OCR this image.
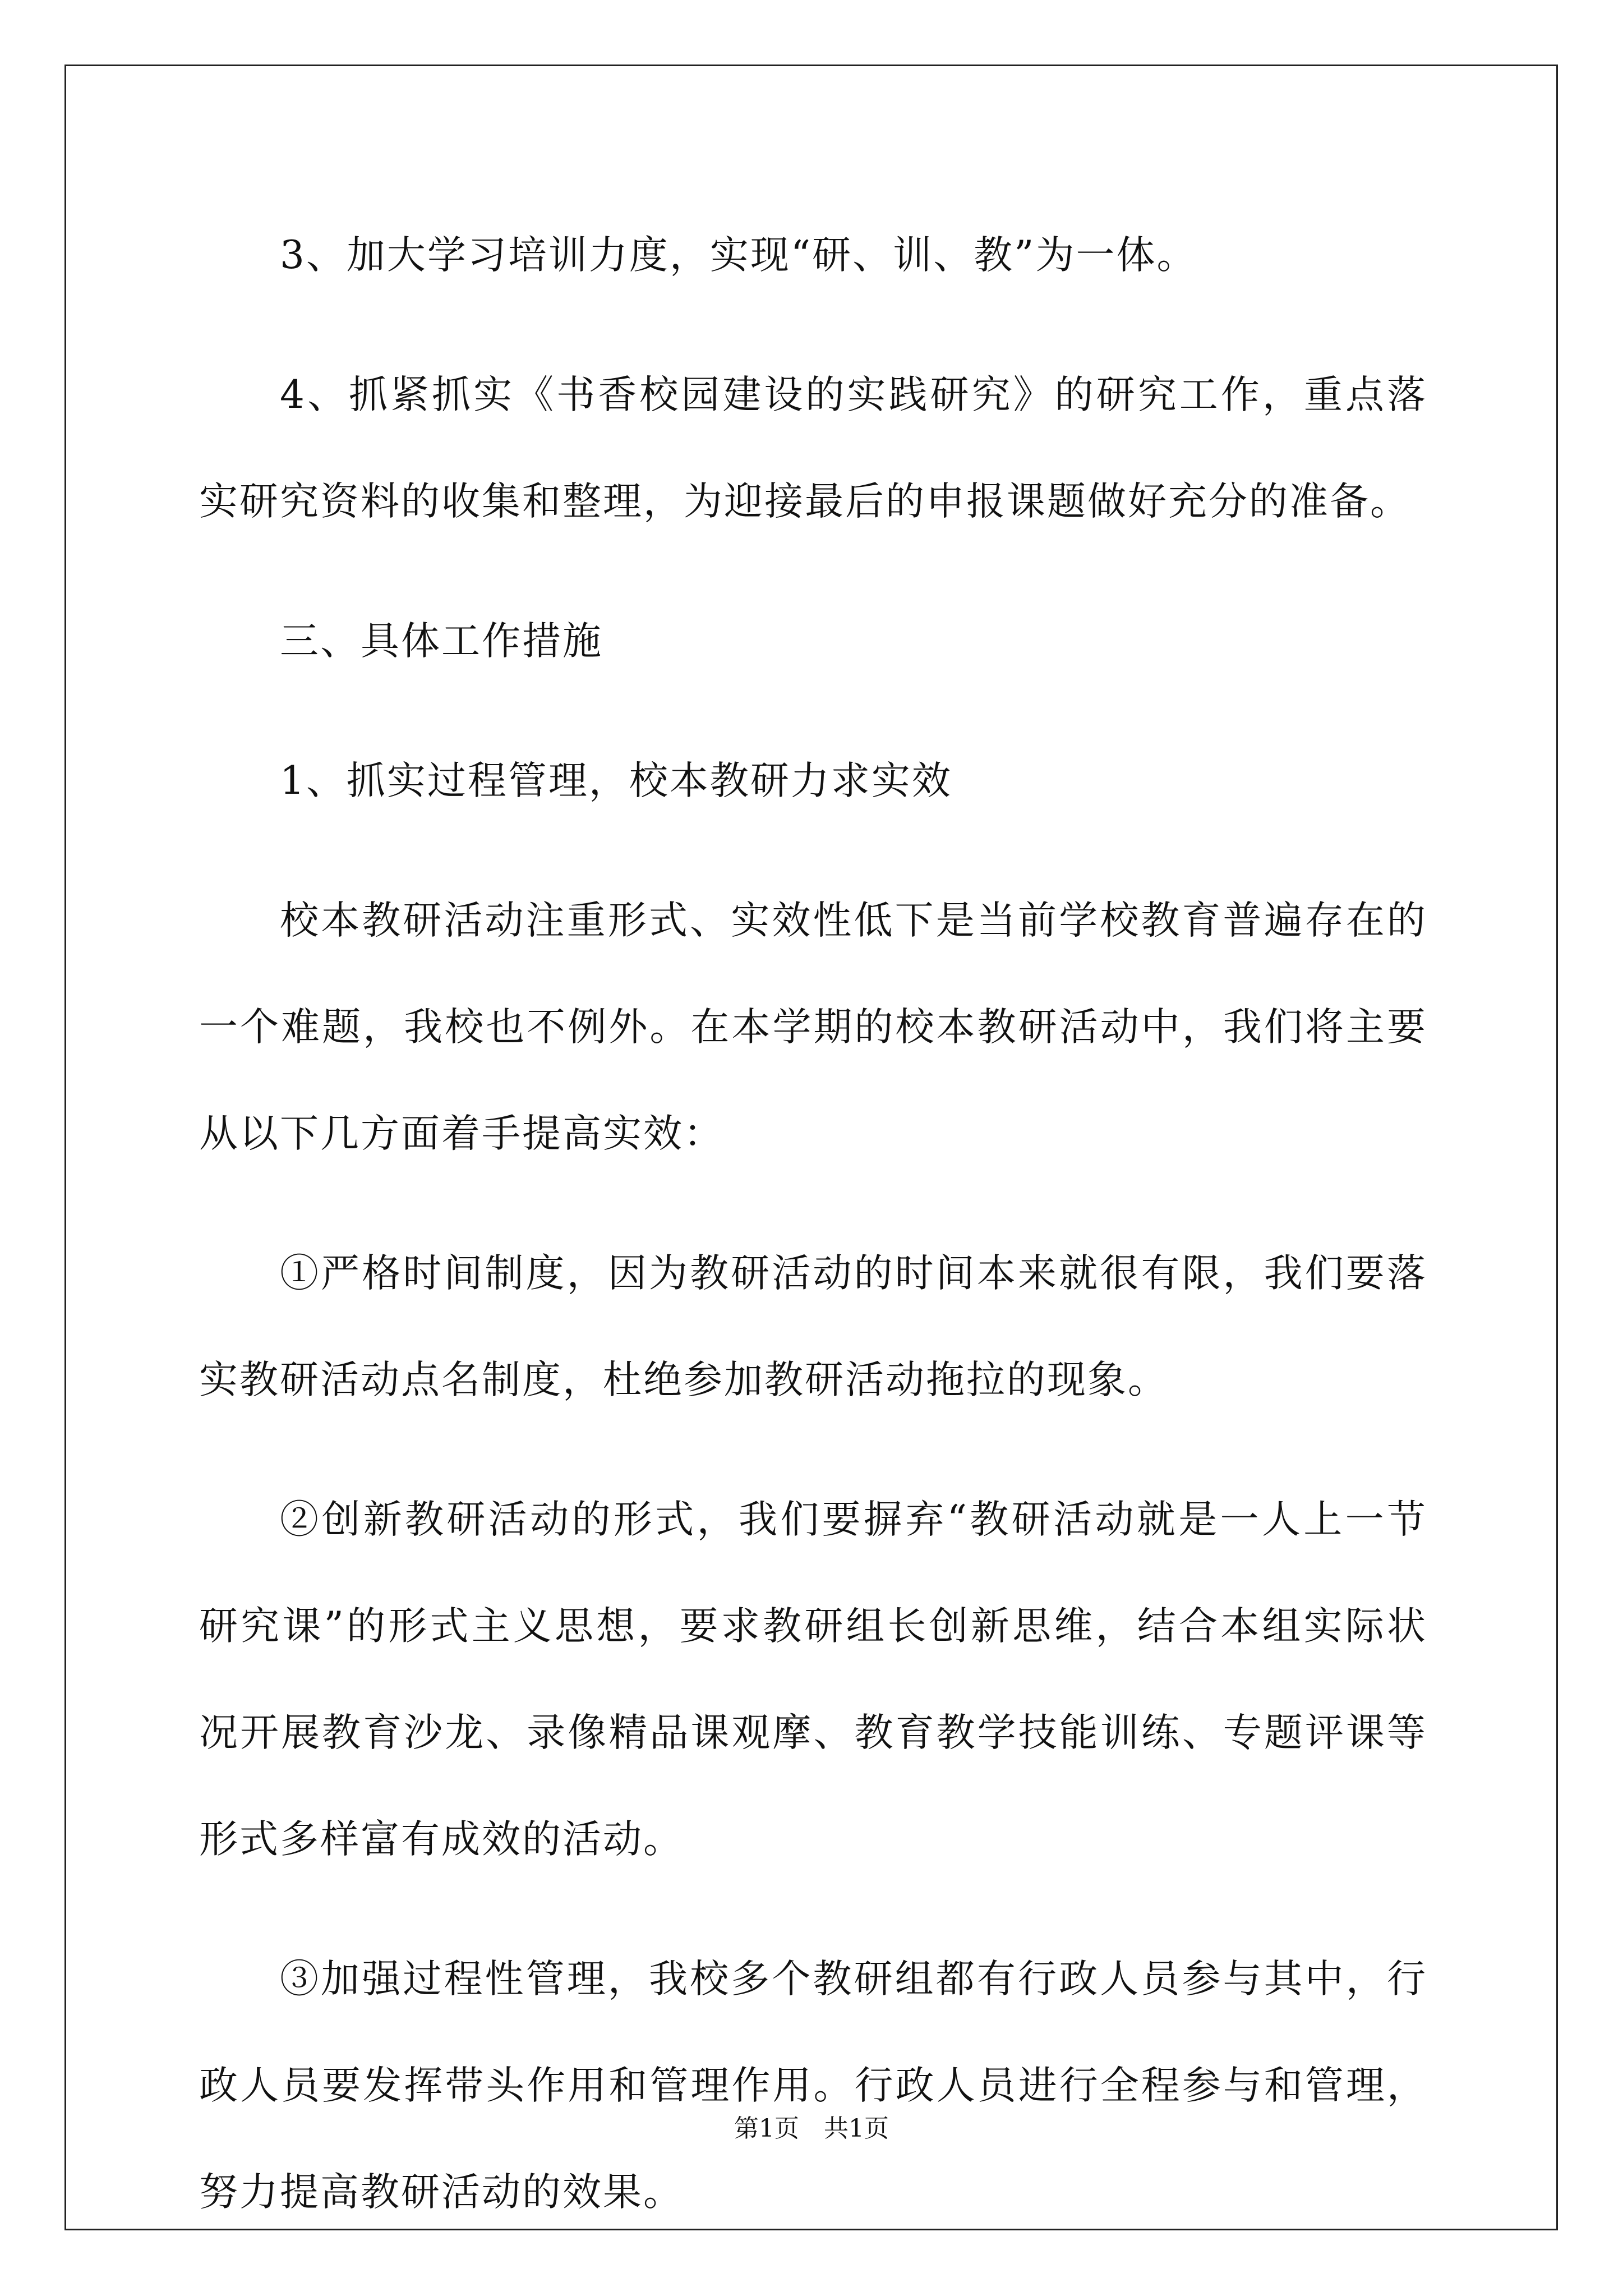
3、加大学习培训力度，实现“研、训、教”为一体。

4、抓紧抓实《书香校园建设的实践研究》的研究工作，重点落实研究资料的收集和整理，为迎接最后的申报课题做好充分的准备。

三、具体工作措施

1、抓实过程管理，校本教研力求实效

校本教研活动注重形式、实效性低下是当前学校教育普遍存在的一个难题，我校也不例外。在本学期的校本教研活动中，我们将主要从以下几方面着手提高实效：

①严格时间制度，因为教研活动的时间本来就很有限，我们要落实教研活动点名制度，杜绝参加教研活动拖拉的现象。

②创新教研活动的形式，我们要摒弃“教研活动就是一人上一节研究课”的形式主义思想，要求教研组长创新思维，结合本组实际状况开展教育沙龙、录像精品课观摩、教育教学技能训练、专题评课等形式多样富有成效的活动。

③加强过程性管理，我校多个教研组都有行政人员参与其中，行政人员要发挥带头作用和管理作用。行政人员进行全程参与和管理，努力提高教研活动的效果。

第1页　共1页
